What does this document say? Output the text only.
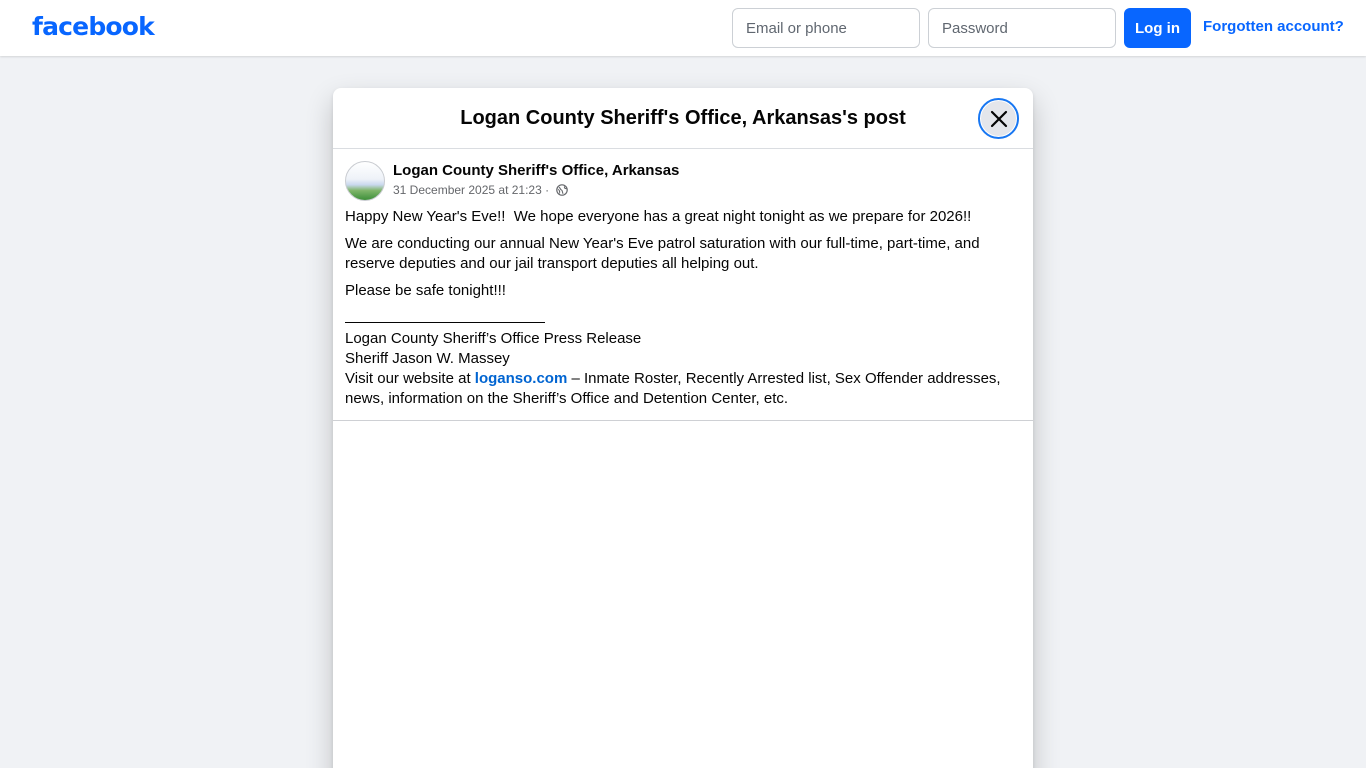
facebook
Email or phone	Log in	Forgotten account?
Logan County Sheriff's Office, Arkansas's post
Logan County Sheriff's Office, Arkansas
31 December 2025 at 21:23 ·

Happy New Year's Eve!!  We hope everyone has a great night tonight as we prepare for 2026!!

We are conducting our annual New Year's Eve patrol saturation with our full-time, part-time, and reserve deputies and our jail transport deputies all helping out.

Please be safe tonight!!!

Logan County Sheriff’s Office Press Release
Sheriff Jason W. Massey
Visit our website at loganso.com – Inmate Roster, Recently Arrested list, Sex Offender addresses, news, information on the Sheriff’s Office and Detention Center, etc.
